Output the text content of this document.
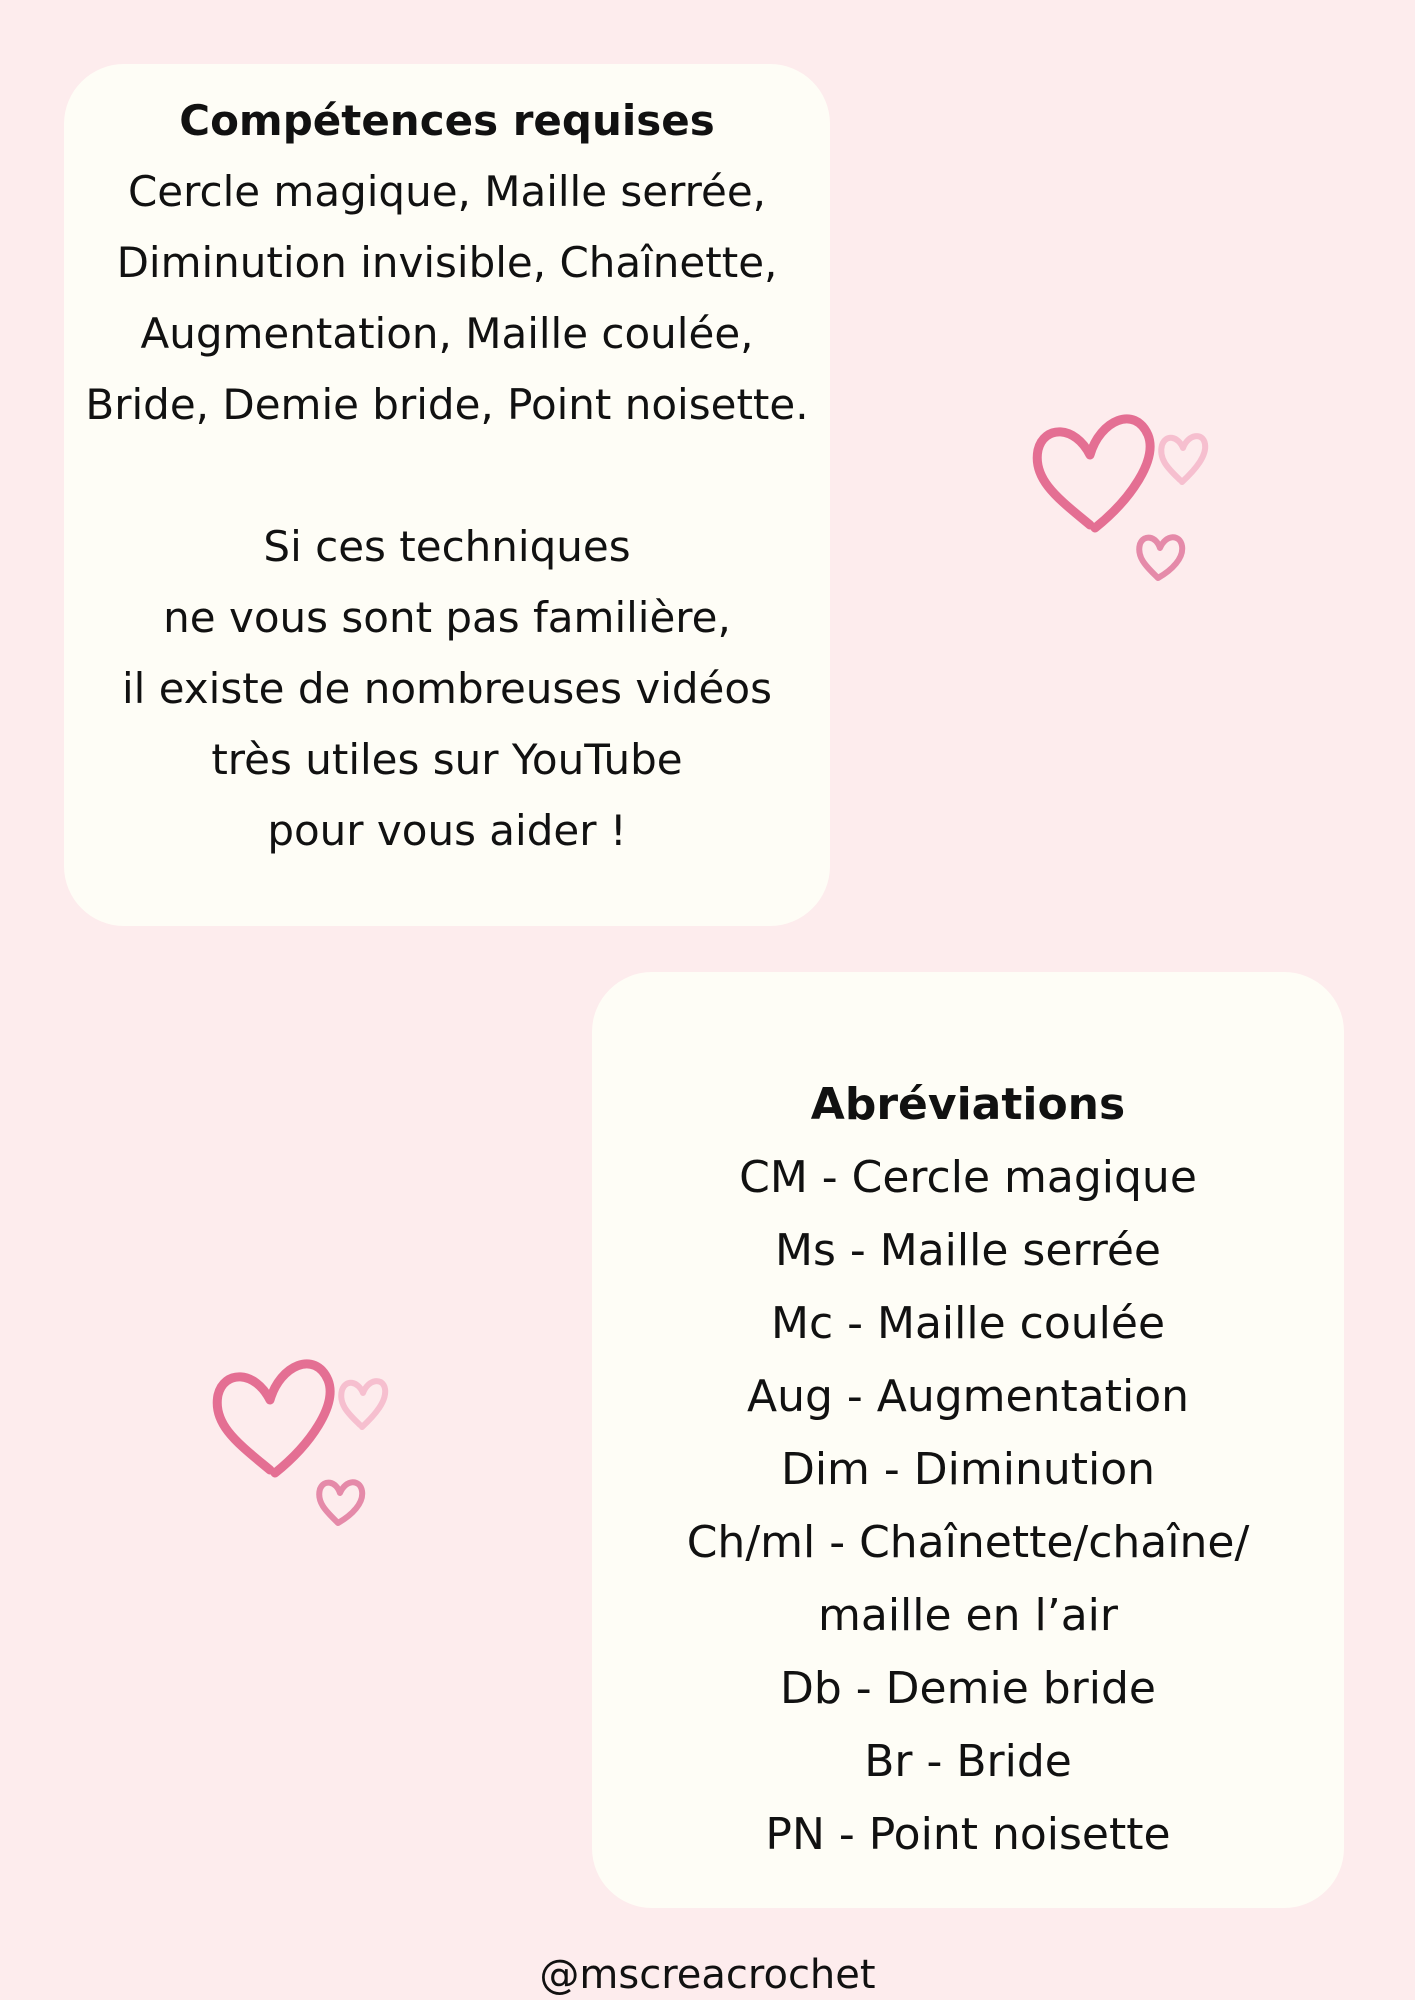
Compétences requises

Cercle magique, Maille serrée,

Diminution invisible, Chaînette,

Augmentation, Maille coulée,

Bride, Demie bride, Point noisette.

Si ces techniques

ne vous sont pas familière,

il existe de nombreuses vidéos

très utiles sur YouTube

pour vous aider !

Abréviations

CM - Cercle magique

Ms - Maille serrée

Mc - Maille coulée

Aug - Augmentation

Dim - Diminution

Ch/ml - Chaînette/chaîne/

maille en l’air

Db - Demie bride

Br - Bride

PN - Point noisette

@mscreacrochet
